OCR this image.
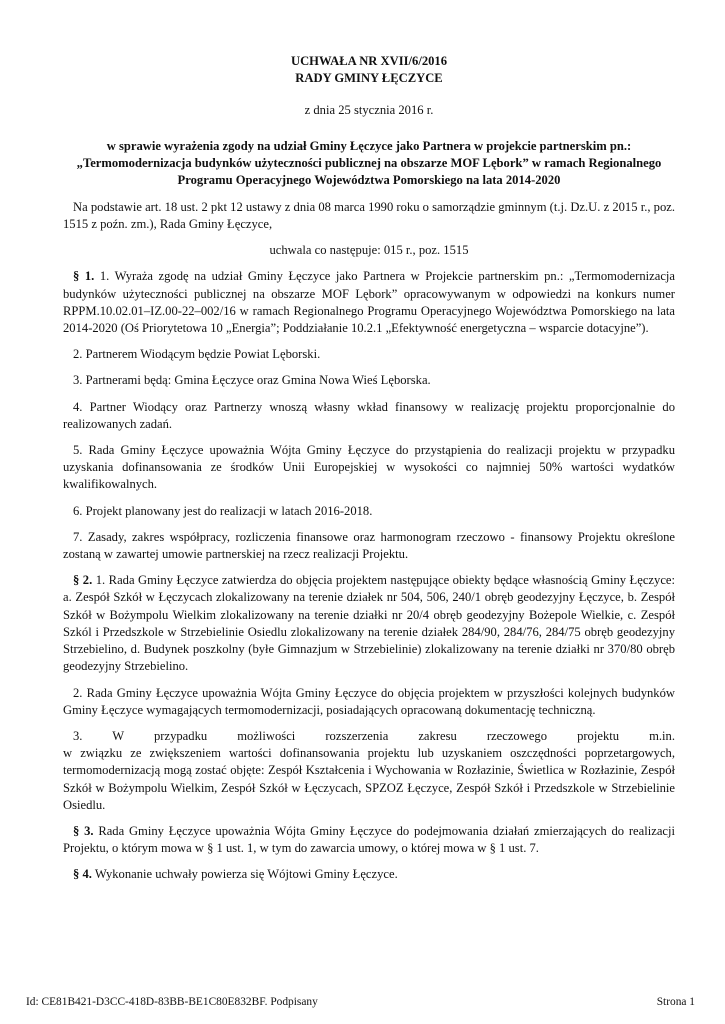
UCHWAŁA NR XVII/6/2016
RADY GMINY ŁĘCZYCE
z dnia 25 stycznia 2016 r.
w sprawie wyrażenia zgody na udział Gminy Łęczyce jako Partnera w projekcie partnerskim pn.: „Termomodernizacja budynków użyteczności publicznej na obszarze MOF Lębork” w ramach Regionalnego Programu Operacyjnego Województwa Pomorskiego na lata 2014-2020

Na podstawie art. 18 ust. 2 pkt 12 ustawy z dnia 08 marca 1990 roku o samorządzie gminnym (t.j. Dz.U. z 2015 r., poz. 1515 z poźn. zm.), Rada Gminy Łęczyce,

uchwala co następuje: 015 r., poz. 1515

§ 1. 1. Wyraża zgodę na udział Gminy Łęczyce jako Partnera w Projekcie partnerskim pn.: „Termomodernizacja budynków użyteczności publicznej na obszarze MOF Lębork” opracowywanym w odpowiedzi na konkurs numer RPPM.10.02.01–IZ.00-22–002/16 w ramach Regionalnego Programu Operacyjnego Województwa Pomorskiego na lata 2014-2020 (Oś Priorytetowa 10 „Energia”; Poddziałanie 10.2.1 „Efektywność energetyczna – wsparcie dotacyjne”).

2. Partnerem Wiodącym będzie Powiat Lęborski.

3. Partnerami będą: Gmina Łęczyce oraz Gmina Nowa Wieś Lęborska.

4. Partner Wiodący oraz Partnerzy wnoszą własny wkład finansowy w realizację projektu proporcjonalnie do realizowanych zadań.

5. Rada Gminy Łęczyce upoważnia Wójta Gminy Łęczyce do przystąpienia do realizacji projektu w przypadku uzyskania dofinansowania ze środków Unii Europejskiej w wysokości co najmniej 50% wartości wydatków kwalifikowalnych.

6. Projekt planowany jest do realizacji w latach 2016-2018.

7. Zasady, zakres współpracy, rozliczenia finansowe oraz harmonogram rzeczowo - finansowy Projektu określone zostaną w zawartej umowie partnerskiej na rzecz realizacji Projektu.

§ 2. 1. Rada Gminy Łęczyce zatwierdza do objęcia projektem następujące obiekty będące własnością Gminy Łęczyce: a. Zespół Szkół w Łęczycach zlokalizowany na terenie działek nr 504, 506, 240/1 obręb geodezyjny Łęczyce, b. Zespół Szkół w Bożympolu Wielkim zlokalizowany na terenie działki nr 20/4 obręb geodezyjny Bożepole Wielkie, c. Zespół Szkól i Przedszkole w Strzebielinie Osiedlu zlokalizowany na terenie działek 284/90, 284/76, 284/75 obręb geodezyjny Strzebielino, d. Budynek poszkolny (byłe Gimnazjum w Strzebielinie) zlokalizowany na terenie działki nr 370/80 obręb geodezyjny Strzebielino.

2. Rada Gminy Łęczyce upoważnia Wójta Gminy Łęczyce do objęcia projektem w przyszłości kolejnych budynków Gminy Łęczyce wymagających termomodernizacji, posiadających opracowaną dokumentację techniczną.

3. W przypadku możliwości rozszerzenia zakresu rzeczowego projektu m.in.

w związku ze zwiększeniem wartości dofinansowania projektu lub uzyskaniem oszczędności poprzetargowych, termomodernizacją mogą zostać objęte: Zespół Kształcenia i Wychowania w Rozłazinie, Świetlica w Rozłazinie, Zespół Szkół w Bożympolu Wielkim, Zespół Szkół w Łęczycach, SPZOZ Łęczyce, Zespół Szkół i Przedszkole w Strzebielinie Osiedlu.

§ 3. Rada Gminy Łęczyce upoważnia Wójta Gminy Łęczyce do podejmowania działań zmierzających do realizacji Projektu, o którym mowa w § 1 ust. 1, w tym do zawarcia umowy, o której mowa w § 1 ust. 7.

§ 4. Wykonanie uchwały powierza się Wójtowi Gminy Łęczyce.

Id: CE81B421-D3CC-418D-83BB-BE1C80E832BF. Podpisany	Strona 1
